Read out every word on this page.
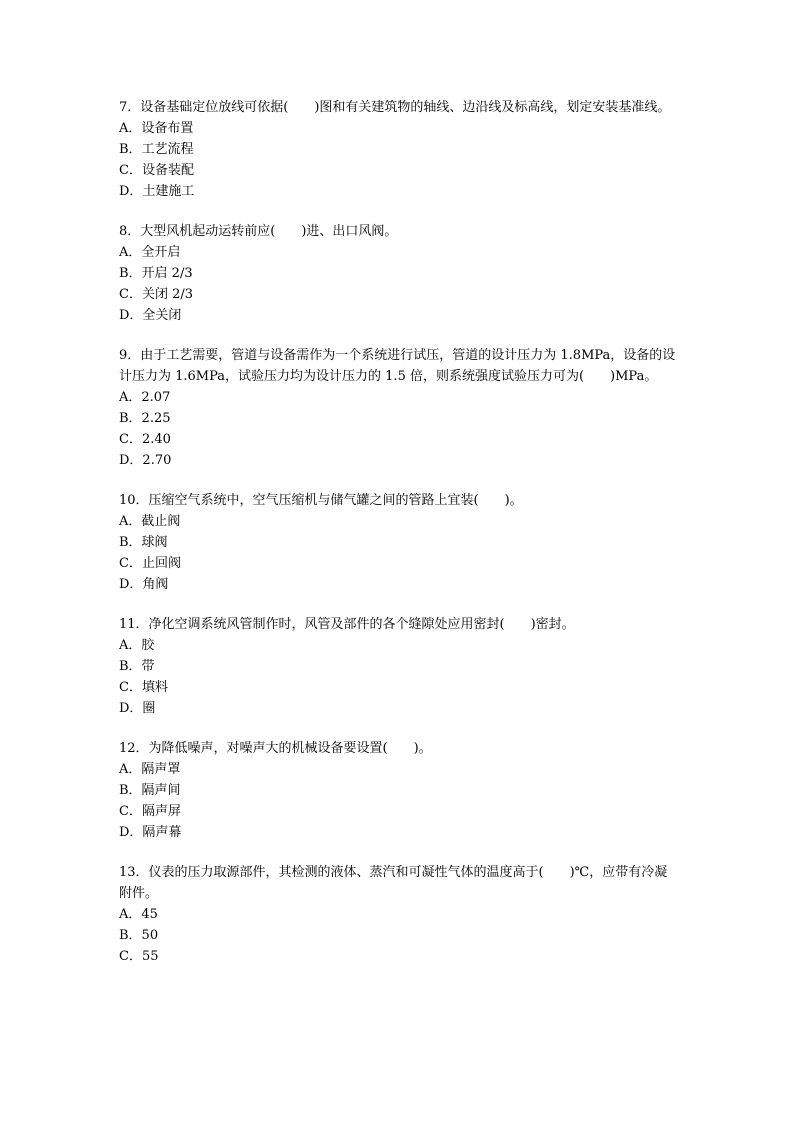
7．设备基础定位放线可依据(　　)图和有关建筑物的轴线、边沿线及标高线，划定安装基准线。

A．设备布置
B．工艺流程
C．设备装配
D．土建施工

8．大型风机起动运转前应(　　)进、出口风阀。

A．全开启
B．开启 2/3
C．关闭 2/3
D．全关闭

9．由于工艺需要，管道与设备需作为一个系统进行试压，管道的设计压力为 1.8MPa，设备的设计压力为 1.6MPa，试验压力均为设计压力的 1.5 倍，则系统强度试验压力可为(　　)MPa。

A．2.07
B．2.25
C．2.40
D．2.70

10．压缩空气系统中，空气压缩机与储气罐之间的管路上宜装(　　)。

A．截止阀
B．球阀
C．止回阀
D．角阀

11．净化空调系统风管制作时，风管及部件的各个缝隙处应用密封(　　)密封。

A．胶
B．带
C．填料
D．圈

12．为降低噪声，对噪声大的机械设备要设置(　　)。

A．隔声罩
B．隔声间
C．隔声屏
D．隔声幕

13．仪表的压力取源部件，其检测的液体、蒸汽和可凝性气体的温度高于(　　)℃，应带有冷凝附件。

A．45
B．50
C．55
